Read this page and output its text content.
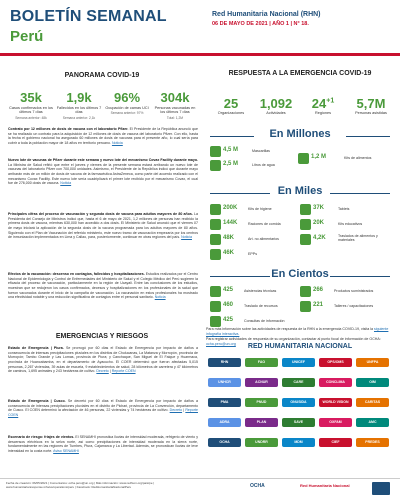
BOLETÍN SEMANAL
Perú
Red Humanitaria Nacional (RHN)
06 DE MAYO DE 2021 | AÑO 1 | N° 18.
PANORAMA COVID-19
35k
Casos confirmados en los últimos 7 días
Semana anterior: 48k
1,9k
Fallecidos en los últimos 7 días
Semana anterior: 2,1k
96%
Ocupación de camas UCI
Semana anterior: 97%
304k
Personas vacunadas en los últimos 7 días
Total: 1,2M
Contrato por 12 millones de dosis de vacuna con el laboratorio Pfizer. El Presidente de la República anunció que se ha realizado un contrato para la adquisición de 12 millones de dosis de vacuna del laboratorio Pfizer. Con ello, hasta la fecha el gobierno nacional ha asegurado 60 millones de dosis de vacunas para el presente año, lo cual sería para cubrir a toda la población mayor de 18 años en territorio peruano. Noticia
Nuevo lote de vacunas de Pfizer durante este semana y nuevo lote del mecanismo Covax Facility durante mayo. La Ministra de Salud refirió que entre el jueves y viernes de la presente semana estará arribando un nuevo lote de vacunas del laboratorio Pfizer con 700,000 unidades. Asimismo, el Presidente de la República indicó que durante mayo arribarán más de un millón de dosis de vacuna de la farmacéutica AstraZeneca, como parte del acuerdo realizado con el mecanismo Covax Facility. Este nuevo lote sería cuadriplicará el primer lote recibido por el mecanismo Covax, el cual fue de 276,000 dosis de vacuna. Noticia
Principales cifras del proceso de vacunación y segunda dosis de vacuna para adultos mayores de 80 años. La Presidenta del Consejo de Ministros indicó que, hasta el 6 de mayo de 2021, 1,2 millones de personas han recibido la primera dosis de vacuna, mientras 630,000 han accedido a dos dosis. El Ministerio de Salud anunció que el viernes 07 de mayo iniciará la aplicación de la segunda dosis de la vacuna programada para los adultos mayores de 80 años. Siguiendo con el Plan de Vacunación del referido ministerio, este nuevo tramo de vacunación empezaría por los centros de inmunización implementados en Lima y Callao, para, posteriormente, continuar en otras regiones del país. Noticia
Efectos de la vacunación: descenso en contagios, fallecidos y hospitalizaciones. Estudios realizados por el Centro Nacional de Epidemiología y Control de Enfermedades del Ministerio de Salud y el Colegio Médico del Perú sugieren la eficacia del proceso de vacunación, particularmente en la región de Ucayali. Entre las conclusiones de los estudios, muestran que se redujeron los casos confirmados, decesos y hospitalizaciones en los profesionales de la salud que fueron vacunados durante el inicio de la campaña de vacunación. La vacunación en estos profesionales ha mostrado una efectividad notable y una reducción significativa de contagios entre el personal sanitario. Noticia
EMERGENCIAS Y RIESGOS
Estado de Emergencia | Piura. Se prorrogó por 60 días el Estado de Emergencia por impacto de daños a consecuencia de intensas precipitaciones pluviales en los distritos de Chulucanas, La Matanza y Morropón, provincia de Morropón; Tambo Grande y Las Lomas, provincia de Piura; y Canchaque, San Miguel de El Faique y Huarmaca, provincia de Huancabamba, en el departamento de Ayacucho. El COER determinó que fueron afectadas 5,015 personas, 2,267 viviendas, 39 aulas de escuela, 9 establecimientos de salud, 28 kilómetros de carretera y 47 kilómetros de caminos, 1,695 animales y 243 hectáreas de cultivo. Decreto | Reporte COEN
Estado de Emergencia | Cusco. Se decretó por 60 días el Estado de Emergencia por impacto de daños a consecuencia de intensas precipitaciones pluviales en el distrito de Pichari, provincia de La Convención, departamento de Cusco. El COEN determinó la afectación de 46 personas, 22 viviendas y 74 hectáreas de cultivo. Decreto | Reporte COEN
Escenario de riesgo: friajes de vientos. El SENAMHI pronostica lluvias de intensidad moderada, refrigerio de viento y descensos eléctricos en la selva norte, así como precipitaciones de intensidad moderada en la sierra norte, fundamentalmente en las regiones de Tumbes, Piura, Cajamarca y La Libertad. Además, se pronostican lluvias de leve intensidad en la costa norte. Aviso SENAMHI
RESPUESTA A LA EMERGENCIA COVID-19
25
Organizaciones
1,092
Actividades
$24^{+1}$
Regiones
5,7M
Personas asistidas
En Millones
4,5 M	Mascarillas
2,5 M	Litros de agua
1,2 M	Kits de alimentos
En Miles
200K	Kits de higiene
144K	Raciones de comida
48K	Art. no alimentarios
46K	EPPs
37K	Tablets
20K	Kits educativos
4,2K	Traslados de alimentos y materiales
En Cientos
425	Asistencias técnicas
460	Traslado de recursos
425	Consultas de información
266	Productos suministrados
221	Talleres / capacitaciones
Para más información sobre las actividades de respuesta de la RHN a la emergencia COVID-19, visita la siguiente infografía interactiva.
Para registrar actividades de respuesta de su organización, contactar al punto focal de información de OCHA: ocha.peru@un.org	RED HUMANITARIA NACIONAL
RHN	FAO	UNICEF	OPS/OMS	UNFPA
UNHCR	ACNUR	CARE	CONCLIMA	OIM
PMA	PNUD	ONUSIDA	WORLD VISION	CARITAS
ADRA	PLAN	SAVE	OXFAM	AMC
OCHA	UNDRR	MDM	CIEF	PREDES
Fecha de creación: 06/05/2021 | Comentarios: ocha.peru@un.org | Más información: www.redhum.org/pais/pe | www.humanitarianresponse.info/es/operations/peru | Facebook: RedHumanitariaNacionalPeru	OCHA	Red Humanitaria Nacional
